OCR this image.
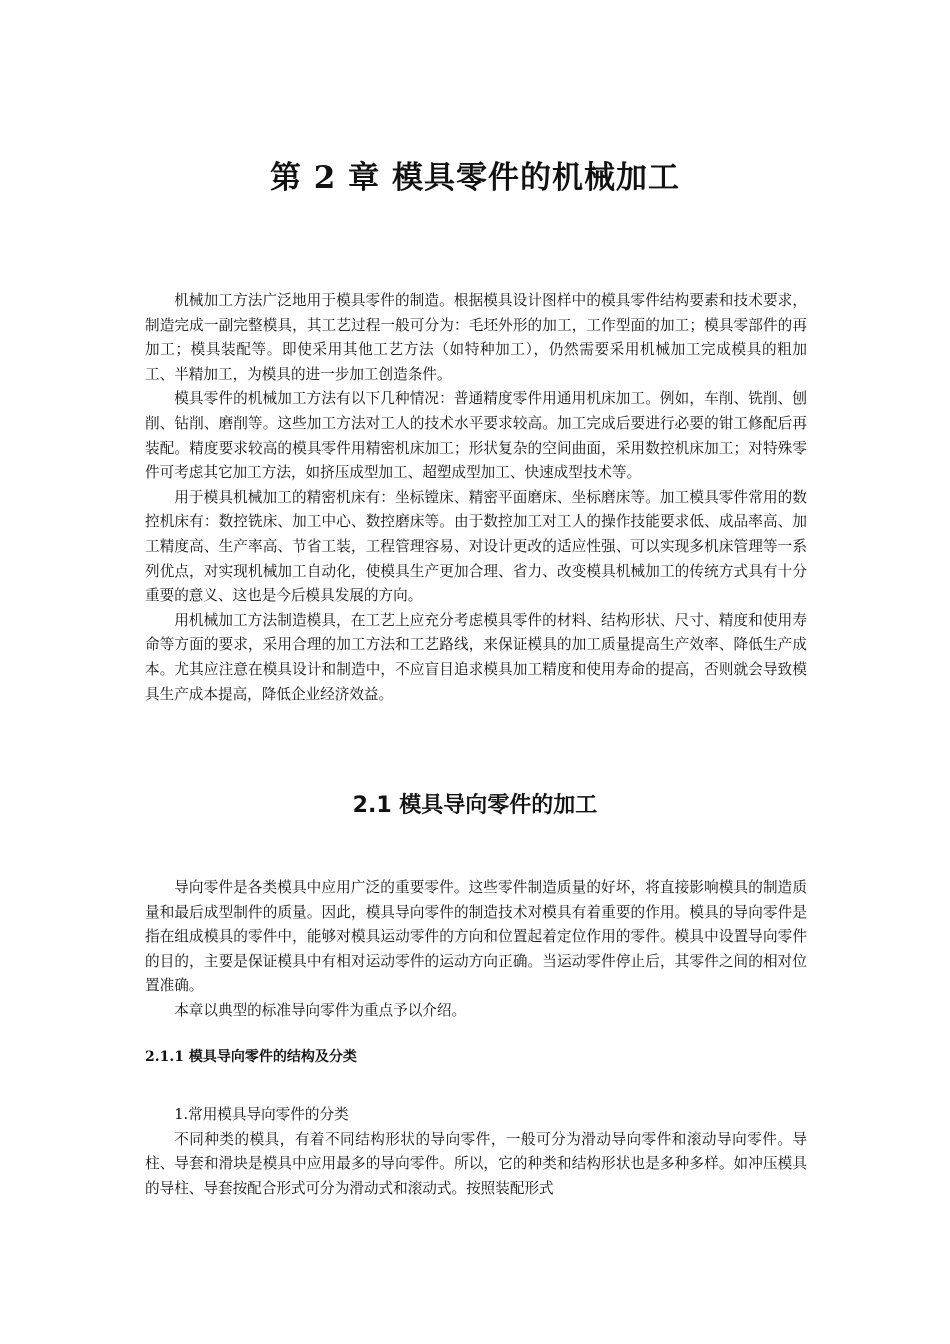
第 2 章 模具零件的机械加工

机械加工方法广泛地用于模具零件的制造。根据模具设计图样中的模具零件结构要素和技术要求，制造完成一副完整模具，其工艺过程一般可分为：毛坯外形的加工，工作型面的加工；模具零部件的再加工；模具装配等。即使采用其他工艺方法（如特种加工），仍然需要采用机械加工完成模具的粗加工、半精加工，为模具的进一步加工创造条件。

模具零件的机械加工方法有以下几种情况：普通精度零件用通用机床加工。例如，车削、铣削、刨削、钻削、磨削等。这些加工方法对工人的技术水平要求较高。加工完成后要进行必要的钳工修配后再装配。精度要求较高的模具零件用精密机床加工；形状复杂的空间曲面，采用数控机床加工；对特殊零件可考虑其它加工方法，如挤压成型加工、超塑成型加工、快速成型技术等。

用于模具机械加工的精密机床有：坐标镗床、精密平面磨床、坐标磨床等。加工模具零件常用的数控机床有：数控铣床、加工中心、数控磨床等。由于数控加工对工人的操作技能要求低、成品率高、加工精度高、生产率高、节省工装，工程管理容易、对设计更改的适应性强、可以实现多机床管理等一系列优点，对实现机械加工自动化，使模具生产更加合理、省力、改变模具机械加工的传统方式具有十分重要的意义、这也是今后模具发展的方向。

用机械加工方法制造模具，在工艺上应充分考虑模具零件的材料、结构形状、尺寸、精度和使用寿命等方面的要求，采用合理的加工方法和工艺路线，来保证模具的加工质量提高生产效率、降低生产成本。尤其应注意在模具设计和制造中，不应盲目追求模具加工精度和使用寿命的提高，否则就会导致模具生产成本提高，降低企业经济效益。

2.1 模具导向零件的加工

导向零件是各类模具中应用广泛的重要零件。这些零件制造质量的好坏，将直接影响模具的制造质量和最后成型制件的质量。因此，模具导向零件的制造技术对模具有着重要的作用。模具的导向零件是指在组成模具的零件中，能够对模具运动零件的方向和位置起着定位作用的零件。模具中设置导向零件的目的，主要是保证模具中有相对运动零件的运动方向正确。当运动零件停止后，其零件之间的相对位置准确。

本章以典型的标准导向零件为重点予以介绍。

2.1.1 模具导向零件的结构及分类

1.常用模具导向零件的分类

不同种类的模具，有着不同结构形状的导向零件，一般可分为滑动导向零件和滚动导向零件。导柱、导套和滑块是模具中应用最多的导向零件。所以，它的种类和结构形状也是多种多样。如冲压模具的导柱、导套按配合形式可分为滑动式和滚动式。按照装配形式
